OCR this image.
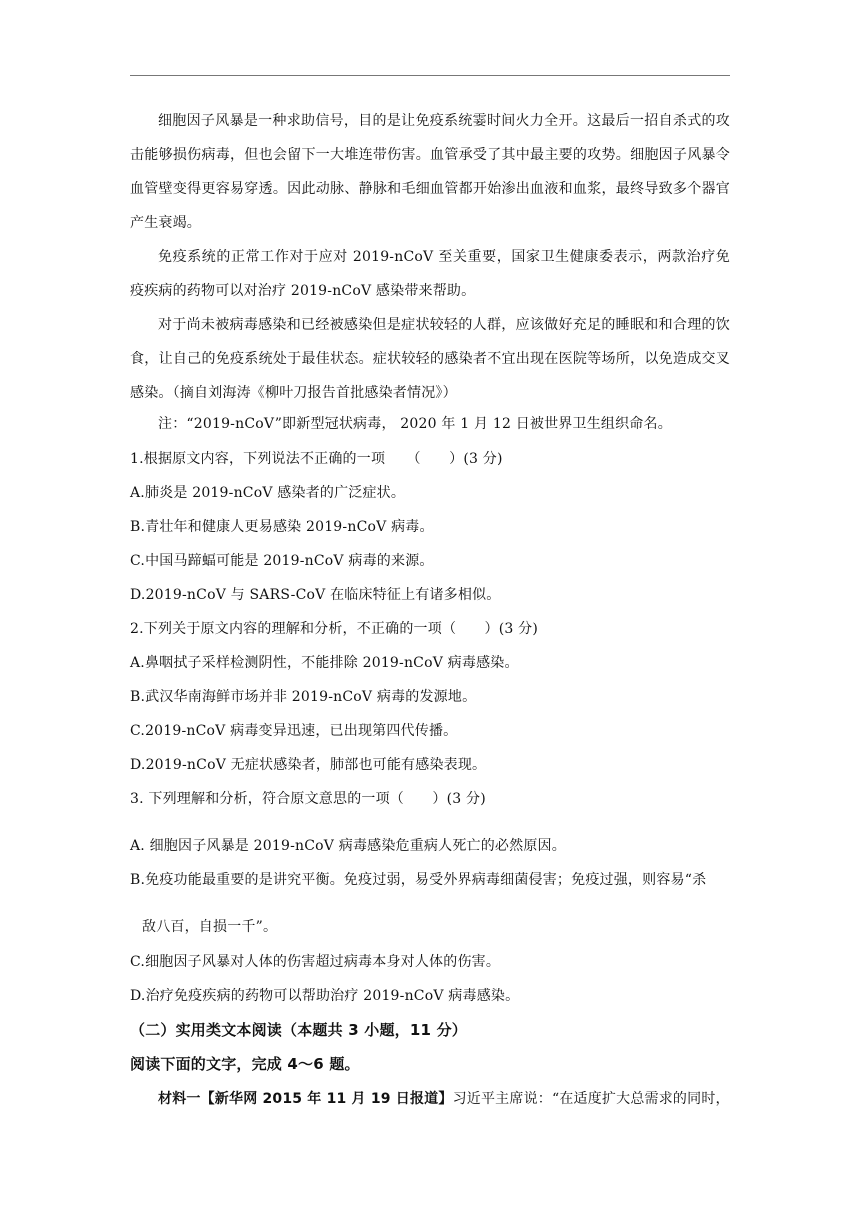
细胞因子风暴是一种求助信号，目的是让免疫系统霎时间火力全开。这最后一招自杀式的攻击能够损伤病毒，但也会留下一大堆连带伤害。血管承受了其中最主要的攻势。细胞因子风暴令血管壁变得更容易穿透。因此动脉、静脉和毛细血管都开始渗出血液和血浆，最终导致多个器官产生衰竭。

免疫系统的正常工作对于应对 2019-nCoV 至关重要，国家卫生健康委表示，两款治疗免疫疾病的药物可以对治疗 2019-nCoV 感染带来帮助。

对于尚未被病毒感染和已经被感染但是症状较轻的人群，应该做好充足的睡眠和和合理的饮食，让自己的免疫系统处于最佳状态。症状较轻的感染者不宜出现在医院等场所，以免造成交叉感染。（摘自刘海涛《柳叶刀报告首批感染者情况》）

注：“2019-nCoV”即新型冠状病毒， 2020 年 1 月 12 日被世界卫生组织命名。
1.根据原文内容，下列说法不正确的一项　　（　　）(3 分)
A.肺炎是 2019-nCoV 感染者的广泛症状。
B.青壮年和健康人更易感染 2019-nCoV 病毒。
C.中国马蹄蝠可能是 2019-nCoV 病毒的来源。
D.2019-nCoV 与 SARS-CoV 在临床特征上有诸多相似。
2.下列关于原文内容的理解和分析，不正确的一项（　　）(3 分)
A.鼻咽拭子采样检测阴性，不能排除 2019-nCoV 病毒感染。
B.武汉华南海鲜市场并非 2019-nCoV 病毒的发源地。
C.2019-nCoV 病毒变异迅速，已出现第四代传播。
D.2019-nCoV 无症状感染者，肺部也可能有感染表现。
3. 下列理解和分析，符合原文意思的一项（　　）(3 分)
A. 细胞因子风暴是 2019-nCoV 病毒感染危重病人死亡的必然原因。
B.免疫功能最重要的是讲究平衡。免疫过弱，易受外界病毒细菌侵害；免疫过强，则容易“杀
敌八百，自损一千”。
C.细胞因子风暴对人体的伤害超过病毒本身对人体的伤害。
D.治疗免疫疾病的药物可以帮助治疗 2019-nCoV 病毒感染。
（二）实用类文本阅读（本题共 3 小题，11 分）
阅读下面的文字，完成 4～6 题。
材料一【新华网 2015 年 11 月 19 日报道】习近平主席说：“在适度扩大总需求的同时，
